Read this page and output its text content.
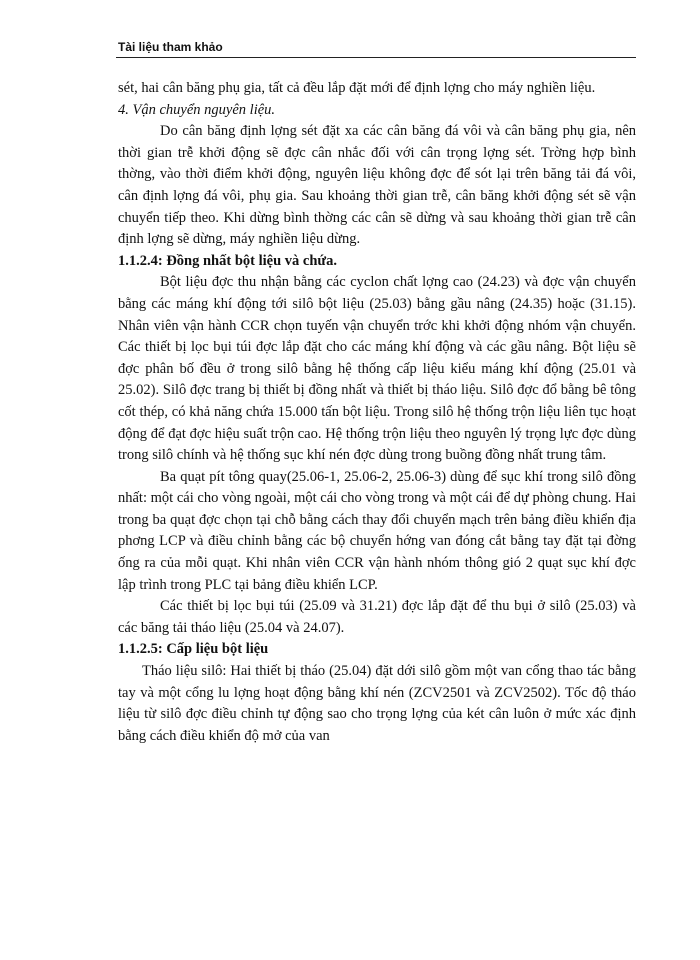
Tài liệu tham khảo

sét, hai cân băng phụ gia, tất cả đều lắp đặt mới để định lợng cho máy nghiền liệu.

4. Vận chuyển nguyên liệu.

Do cân băng định lợng sét đặt xa các cân băng đá vôi và cân băng phụ gia, nên thời gian trễ khởi động sẽ đợc cân nhắc đối với cân trọng lợng sét. Trờng hợp bình thờng, vào thời điểm khởi động, nguyên liệu không đợc để sót lại trên băng tải đá vôi, cân định lợng đá vôi, phụ gia. Sau khoảng thời gian trễ, cân băng khởi động sét sẽ vận chuyển tiếp theo. Khi dừng bình thờng các cân sẽ dừng và sau khoảng thời gian trễ cân định lợng sẽ dừng, máy nghiền liệu dừng.

1.1.2.4: Đồng nhất bột liệu và chứa.

Bột liệu đợc thu nhận bằng các cyclon chất lợng cao (24.23) và đợc vận chuyển bằng các máng khí động tới silô bột liệu (25.03) bằng gầu nâng (24.35) hoặc (31.15). Nhân viên vận hành CCR chọn tuyến vận chuyển trớc khi khởi động nhóm vận chuyển. Các thiết bị lọc bụi túi đợc lắp đặt cho các máng khí động và các gầu nâng. Bột liệu sẽ đợc phân bố đều ở trong silô bằng hệ thống cấp liệu kiểu máng khí động (25.01 và 25.02). Silô đợc trang bị thiết bị đồng nhất và thiết bị tháo liệu. Silô đợc đổ bằng bê tông cốt thép, có khả năng chứa 15.000 tấn bột liệu. Trong silô hệ thống trộn liệu liên tục hoạt động để đạt đợc hiệu suất trộn cao. Hệ thống trộn liệu theo nguyên lý trọng lực đợc dùng trong silô chính và hệ thống sục khí nén đợc dùng trong buồng đồng nhất trung tâm.

Ba quạt pít tông quay(25.06-1, 25.06-2, 25.06-3) dùng để sục khí trong silô đồng nhất: một cái cho vòng ngoài, một cái cho vòng trong và một cái để dự phòng chung. Hai trong ba quạt đợc chọn tại chỗ bằng cách thay đổi chuyển mạch trên bảng điều khiển địa phơng LCP và điều chỉnh bằng các bộ chuyển hớng van đóng cắt bằng tay đặt tại đờng ống ra của mỗi quạt. Khi nhân viên CCR vận hành nhóm thông gió 2 quạt sục khí đợc lập trình trong PLC tại bảng điều khiển LCP.

Các thiết bị lọc bụi túi (25.09 và 31.21) đợc lắp đặt để thu bụi ở silô (25.03) và các băng tải tháo liệu (25.04 và 24.07).

1.1.2.5: Cấp liệu bột liệu

Tháo liệu silô: Hai thiết bị tháo (25.04) đặt dới silô gồm một van cổng thao tác bằng tay và một cổng lu lợng hoạt động bằng khí nén (ZCV2501 và ZCV2502). Tốc độ tháo liệu từ silô đợc điều chỉnh tự động sao cho trọng lợng của két cân luôn ở mức xác định bằng cách điều khiển độ mở của van
